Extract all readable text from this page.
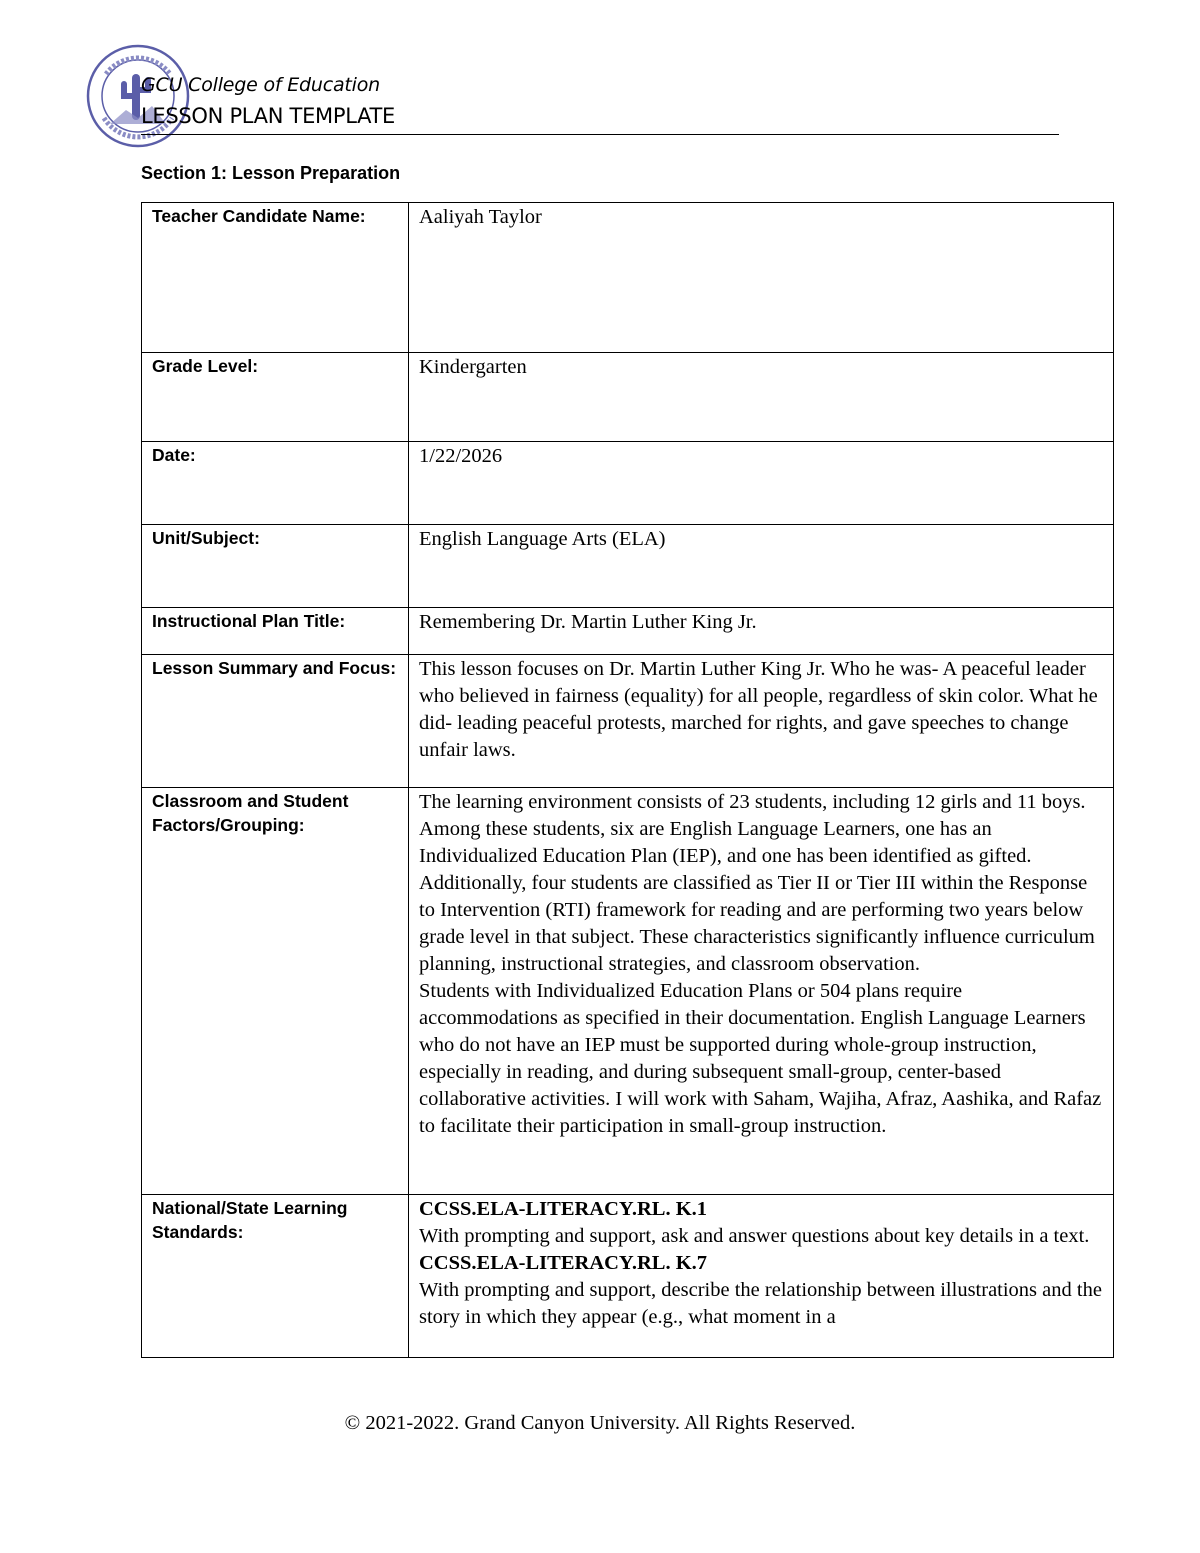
GCU College of Education
LESSON PLAN TEMPLATE
Section 1: Lesson Preparation
Teacher Candidate Name:	Aaliyah Taylor
Grade Level:	Kindergarten
Date:	1/22/2026
Unit/Subject:	English Language Arts (ELA)
Instructional Plan Title:	Remembering Dr. Martin Luther King Jr.
Lesson Summary and Focus:	This lesson focuses on Dr. Martin Luther King Jr. Who he was- A peaceful leader who believed in fairness (equality) for all people, regardless of skin color. What he did- leading peaceful protests, marched for rights, and gave speeches to change unfair laws.
Classroom and Student Factors/Grouping:	The learning environment consists of 23 students, including 12 girls and 11 boys. Among these students, six are English Language Learners, one has an Individualized Education Plan (IEP), and one has been identified as gifted. Additionally, four students are classified as Tier II or Tier III within the Response to Intervention (RTI) framework for reading and are performing two years below grade level in that subject. These characteristics significantly influence curriculum planning, instructional strategies, and classroom observation.
Students with Individualized Education Plans or 504 plans require accommodations as specified in their documentation. English Language Learners who do not have an IEP must be supported during whole-group instruction, especially in reading, and during subsequent small-group, center-based collaborative activities. I will work with Saham, Wajiha, Afraz, Aashika, and Rafaz to facilitate their participation in small-group instruction.

National/State Learning Standards:	CCSS.ELA-LITERACY.RL. K.1
With prompting and support, ask and answer questions about key details in a text.
CCSS.ELA-LITERACY.RL. K.7
With prompting and support, describe the relationship between illustrations and the story in which they appear (e.g., what moment in a
© 2021-2022. Grand Canyon University. All Rights Reserved.
